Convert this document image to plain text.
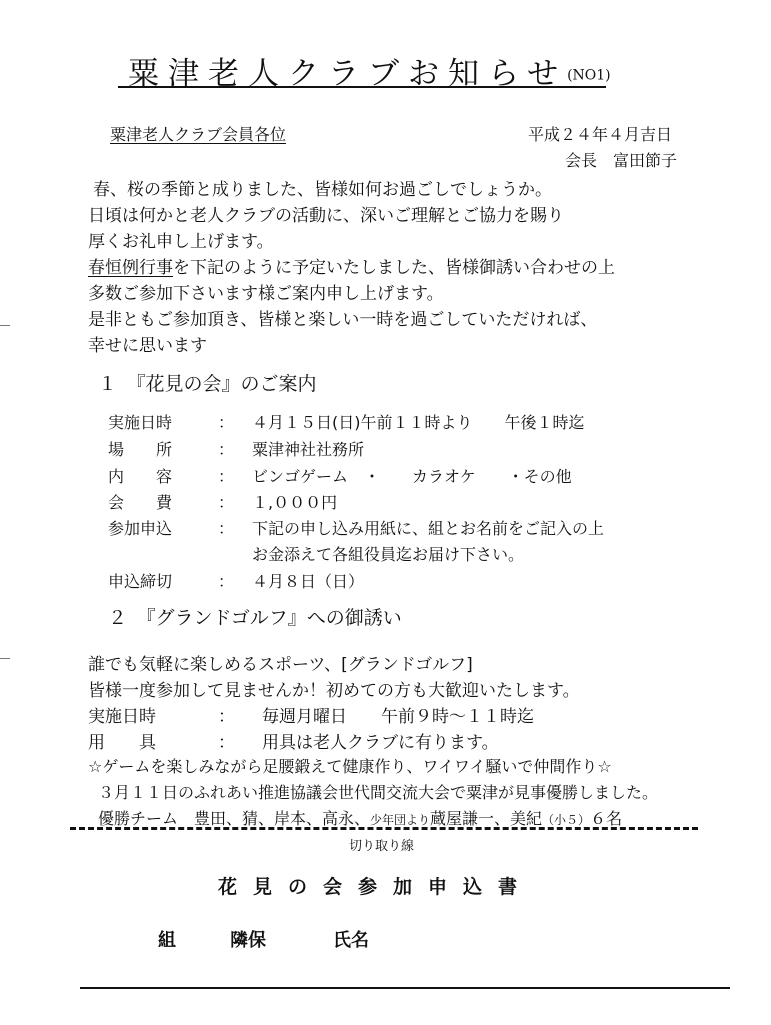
粟津老人クラブお知らせ(NO1)
粟津老人クラブ会員各位	平成２４年４月吉日
会長　富田節子
春、桜の季節と成りました、皆様如何お過ごしでしょうか。
日頃は何かと老人クラブの活動に、深いご理解とご協力を賜り
厚くお礼申し上げます。
春恒例行事を下記のように予定いたしました、皆様御誘い合わせの上
多数ご参加下さいます様ご案内申し上げます。
是非ともご参加頂き、皆様と楽しい一時を過ごしていただければ、
幸せに思います
１　『花見の会』のご案内
実施日時	： ４月１５日(日)午前１１時より　　午後１時迄
場　　所	： 粟津神社社務所
内　　容	： ビンゴゲーム　・　　カラオケ　　・その他
会　　費	： １,０００円
参加申込	： 下記の申し込み用紙に、組とお名前をご記入の上
お金添えて各組役員迄お届け下さい。
申込締切	： ４月８日（日）
２　『グランドゴルフ』への御誘い
誰でも気軽に楽しめるスポーツ、[グランドゴルフ]
皆様一度参加して見ませんか！初めての方も大歓迎いたします。
実施日時	： 毎週月曜日　　午前９時～１１時迄
用　　具	： 用具は老人クラブに有ります。
☆ゲームを楽しみながら足腰鍛えて健康作り、ワイワイ騒いで仲間作り☆
３月１１日のふれあい推進協議会世代間交流大会で粟津が見事優勝しました。
優勝チーム　豊田、猜、岸本、高永、少年団より蔵屋謙一、美紀（小５）６名
切り取り線
花見の会参加申込書
組	隣保	氏名
